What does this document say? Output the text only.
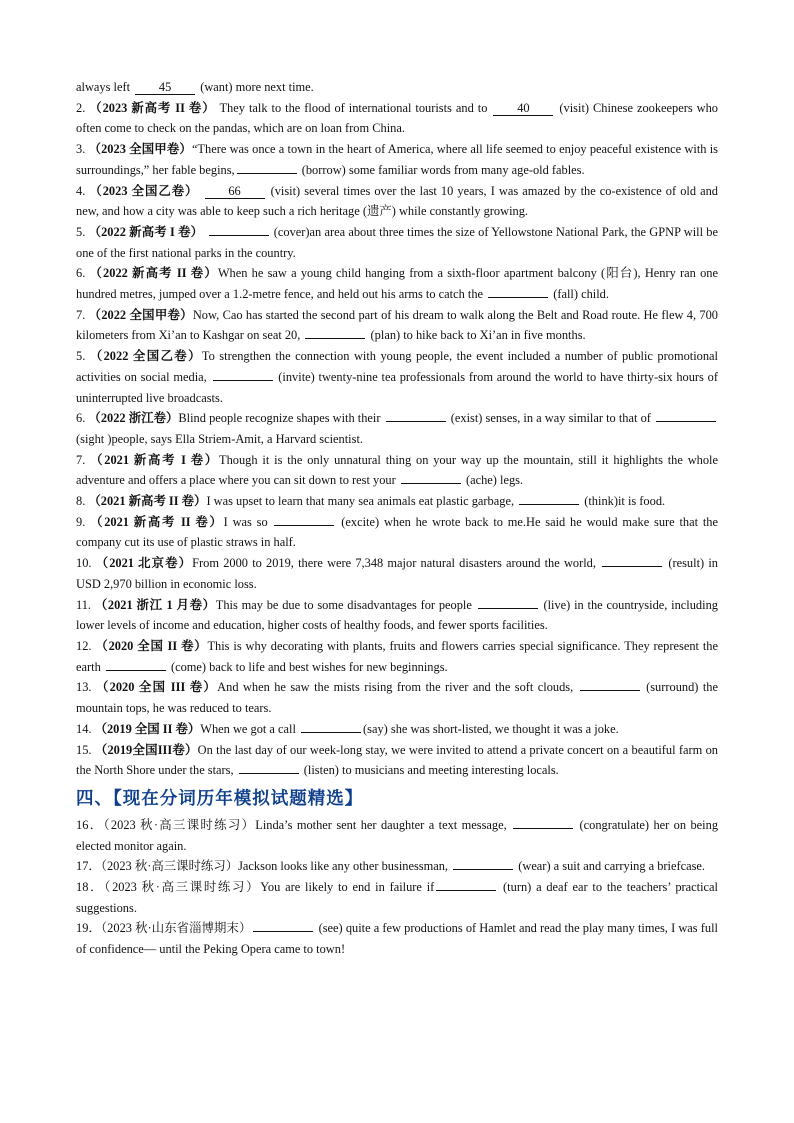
always left 45 (want) more next time.

2. （2023 新高考 II 卷） They talk to the flood of international tourists and to 40 (visit) Chinese zookeepers who often come to check on the pandas, which are on loan from China.

3. （2023 全国甲卷）“There was once a town in the heart of America, where all life seemed to enjoy peaceful existence with is surroundings,” her fable begins,	(borrow) some familiar words from many age-old fables.

4. （2023 全国乙卷） 66 (visit) several times over the last 10 years, I was amazed by the co-existence of old and new, and how a city was able to keep such a rich heritage (遗产) while constantly growing.

5. （2022 新高考 I 卷）	(cover)an area about three times the size of Yellowstone National Park, the GPNP will be one of the first national parks in the country.

6. （2022 新高考 II 卷）When he saw a young child hanging from a sixth-floor apartment balcony (阳台), Henry ran one hundred metres, jumped over a 1.2-metre fence, and held out his arms to catch the	(fall) child.

7. （2022 全国甲卷）Now, Cao has started the second part of his dream to walk along the Belt and Road route. He flew 4, 700 kilometers from Xi’an to Kashgar on seat 20,	(plan) to hike back to Xi’an in five months.

5. （2022 全国乙卷）To strengthen the connection with young people, the event included a number of public promotional activities on social media,	(invite) twenty-nine tea professionals from around the world to have thirty-six hours of uninterrupted live broadcasts.

6. （2022 浙江卷）Blind people recognize shapes with their	(exist) senses, in a way similar to that of  (sight )people, says Ella Striem-Amit, a Harvard scientist.

7. （2021 新高考 I 卷）Though it is the only unnatural thing on your way up the mountain, still it highlights the whole adventure and offers a place where you can sit down to rest your	(ache) legs.

8. （2021 新高考 II 卷）I was upset to learn that many sea animals eat plastic garbage,	(think)it is food.

9. （2021 新高考 II 卷）I was so	(excite) when he wrote back to me.He said he would make sure that the company cut its use of plastic straws in half.

10. （2021 北京卷）From 2000 to 2019, there were 7,348 major natural disasters around the world,	(result) in USD 2,970 billion in economic loss.

11. （2021 浙江 1 月卷）This may be due to some disadvantages for people	(live) in the countryside, including lower levels of income and education, higher costs of healthy foods, and fewer sports facilities.

12. （2020 全国 II 卷）This is why decorating with plants, fruits and flowers carries special significance. They represent the earth	(come) back to life and best wishes for new beginnings.

13. （2020 全国 III 卷）And when he saw the mists rising from the river and the soft clouds,	(surround) the mountain tops, he was reduced to tears.

14. （2019 全国 II 卷）When we got a call	(say) she was short-listed, we thought it was a joke.

15. （2019全国III卷）On the last day of our week-long stay, we were invited to attend a private concert on a beautiful farm on the North Shore under the stars,	(listen) to musicians and meeting interesting locals.

四、【现在分词历年模拟试题精选】

16．（2023 秋·高三课时练习）Linda’s mother sent her daughter a text message,	(congratulate) her on being elected monitor again.

17．（2023 秋·高三课时练习）Jackson looks like any other businessman,	(wear) a suit and carrying a briefcase.

18．（2023 秋·高三课时练习）You are likely to end in failure if	(turn) a deaf ear to the teachers’ practical suggestions.

19．（2023 秋·山东省淄博期末）	(see) quite a few productions of Hamlet and read the play many times, I was full of confidence— until the Peking Opera came to town!
